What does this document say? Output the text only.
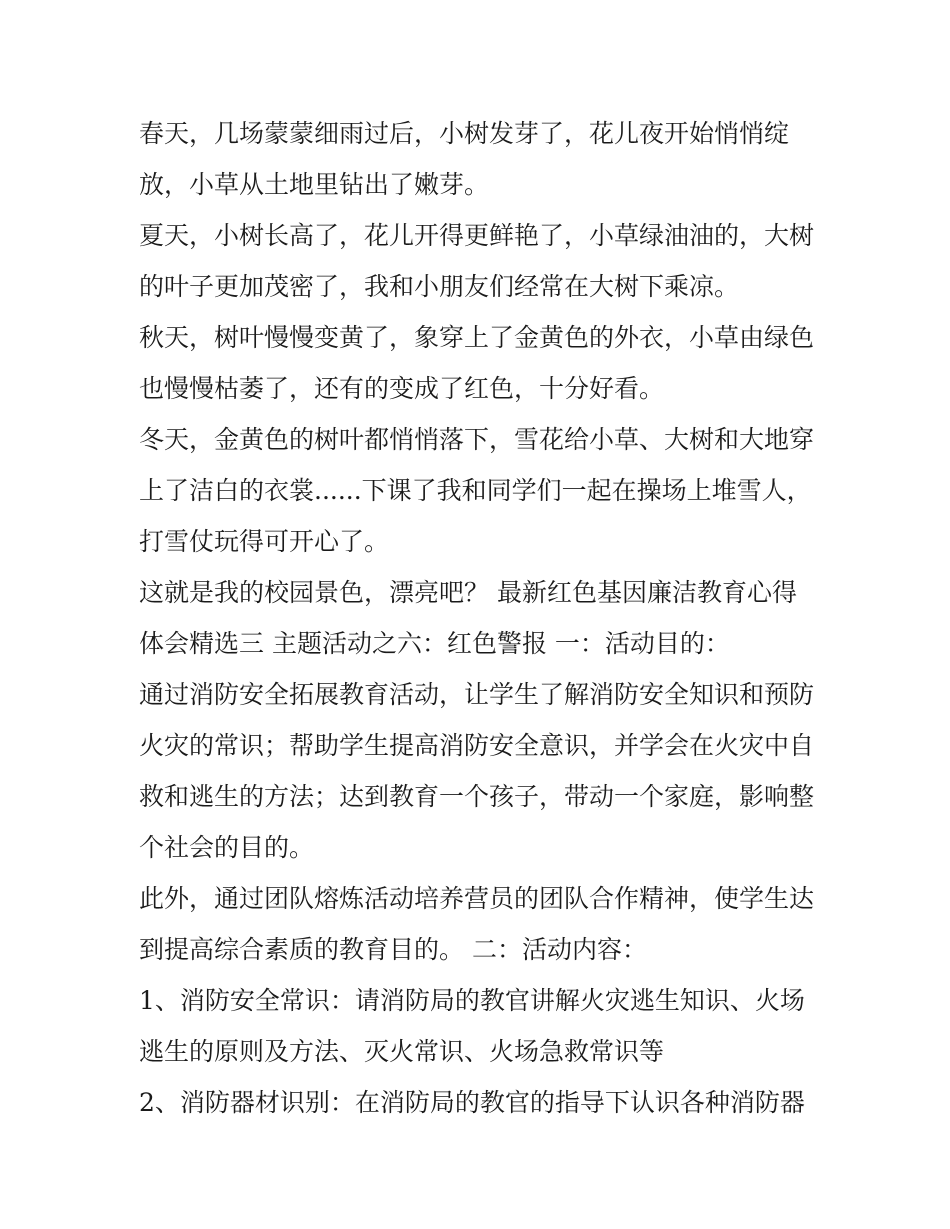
春天，几场蒙蒙细雨过后，小树发芽了，花儿夜开始悄悄绽
放，小草从土地里钻出了嫩芽。
夏天，小树长高了，花儿开得更鲜艳了，小草绿油油的，大树
的叶子更加茂密了，我和小朋友们经常在大树下乘凉。
秋天，树叶慢慢变黄了，象穿上了金黄色的外衣，小草由绿色
也慢慢枯萎了，还有的变成了红色，十分好看。
冬天，金黄色的树叶都悄悄落下，雪花给小草、大树和大地穿
上了洁白的衣裳......下课了我和同学们一起在操场上堆雪人，
打雪仗玩得可开心了。
这就是我的校园景色，漂亮吧？ 最新红色基因廉洁教育心得
体会精选三 主题活动之六：红色警报 一：活动目的：
通过消防安全拓展教育活动，让学生了解消防安全知识和预防
火灾的常识；帮助学生提高消防安全意识，并学会在火灾中自
救和逃生的方法；达到教育一个孩子，带动一个家庭，影响整
个社会的目的。
此外，通过团队熔炼活动培养营员的团队合作精神，使学生达
到提高综合素质的教育目的。 二：活动内容：
1、消防安全常识：请消防局的教官讲解火灾逃生知识、火场
逃生的原则及方法、灭火常识、火场急救常识等
2、消防器材识别：在消防局的教官的指导下认识各种消防器
